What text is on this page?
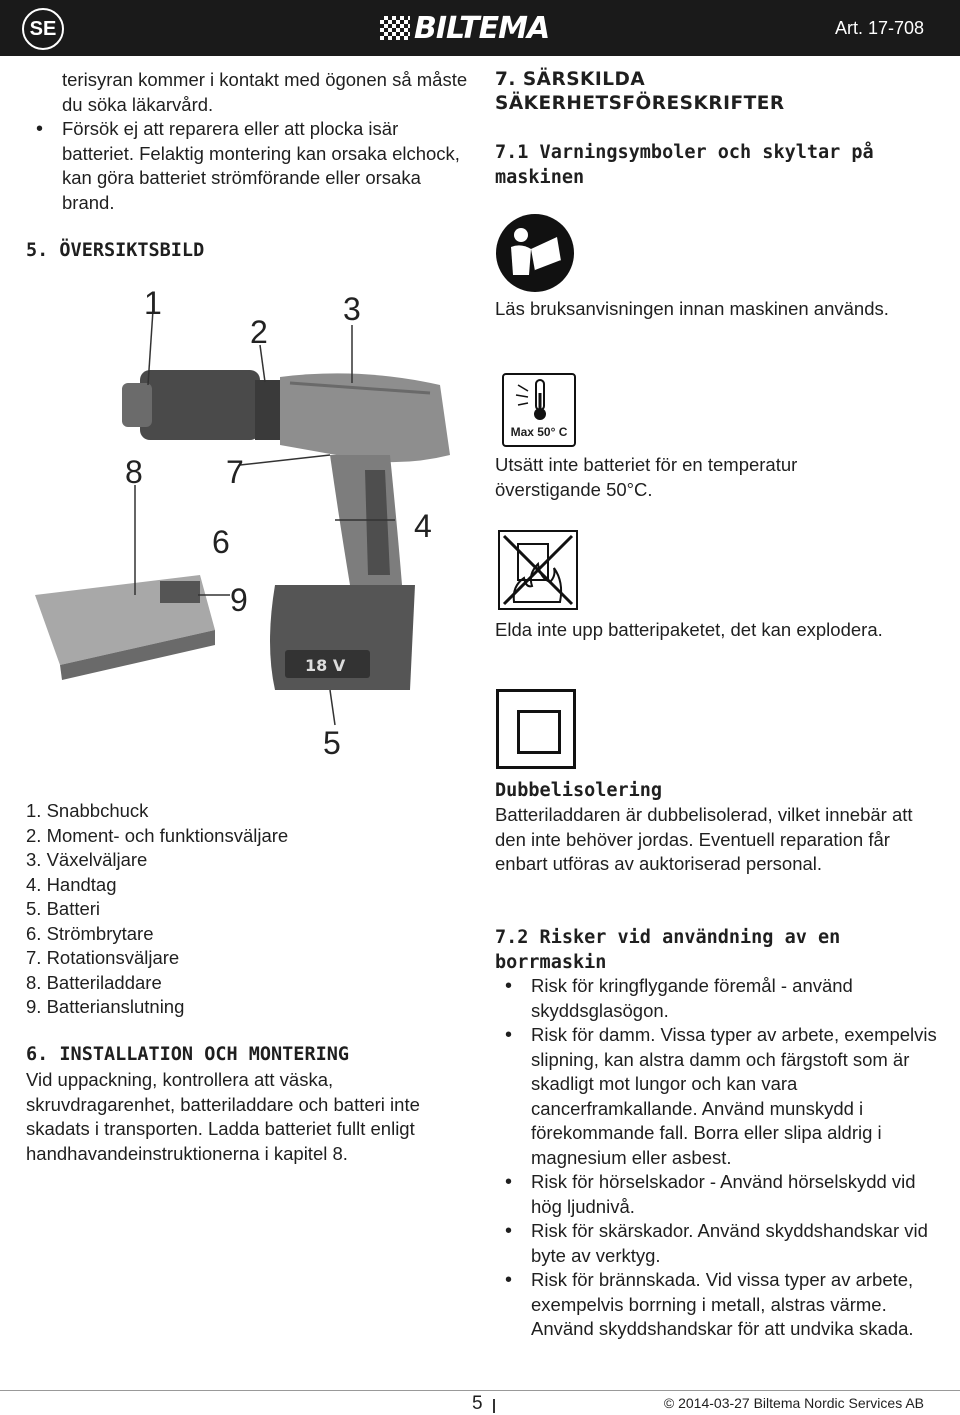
SE	BILTEMA	Art. 17-708

terisyran kommer i kontakt med ögonen så måste du söka läkarvård.

• Försök ej att reparera eller att plocka isär batteriet. Felaktig montering kan orsaka elchock, kan göra batteriet strömförande eller orsaka brand.
5. ÖVERSIKTSBILD
18 V
1
2
3
4
5
6
7
8
9
1. Snabbchuck
2. Moment- och funktionsväljare
3. Växelväljare
4. Handtag
5. Batteri
6. Strömbrytare
7. Rotationsväljare
8. Batteriladdare
9. Batterianslutning
6. INSTALLATION OCH MONTERING

Vid uppackning, kontrollera att väska, skruvdragarenhet, batteriladdare och batteri inte skadats i transporten. Ladda batteriet fullt enligt handhavandeinstruktionerna i kapitel 8.

7. SÄRSKILDA
SÄKERHETSFÖRESKRIFTER
7.1 Varningsymboler och skyltar på maskinen

Läs bruksanvisningen innan maskinen används.

Max 50° C

Utsätt inte batteriet för en temperatur överstigande 50°C.

Elda inte upp batteripaketet, det kan explodera.

Dubbelisolering

Batteriladdaren är dubbelisolerad, vilket innebär att den inte behöver jordas. Eventuell reparation får enbart utföras av auktoriserad personal.

7.2 Risker vid användning av en borrmaskin
• Risk för kringflygande föremål - använd skyddsglasögon.
• Risk för damm. Vissa typer av arbete, exempelvis slipning, kan alstra damm och färgstoft som är skadligt mot lungor och kan vara cancerframkallande. Använd munskydd i förekommande fall. Borra eller slipa aldrig i magnesium eller asbest.
• Risk för hörselskador - Använd hörselskydd vid hög ljudnivå.
• Risk för skärskador. Använd skyddshandskar vid byte av verktyg.
• Risk för brännskada. Vid vissa typer av arbete, exempelvis borrning i metall, alstras värme. Använd skyddshandskar för att undvika skada.
5	© 2014-03-27 Biltema Nordic Services AB
